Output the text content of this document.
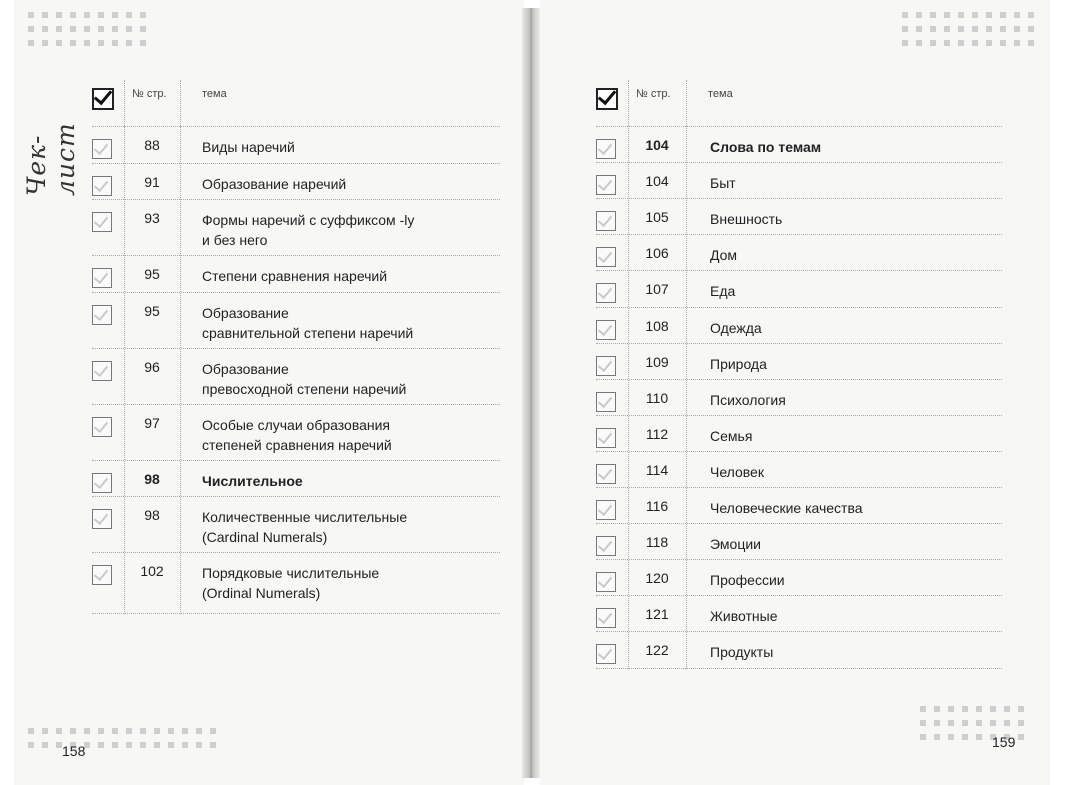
Чек-лист
№ стр.	тема
88	Виды наречий
91	Образование наречий
93	Формы наречий с суффиксом -ly
и без него
95	Степени сравнения наречий
95	Образование
сравнительной степени наречий
96	Образование
превосходной степени наречий
97	Особые случаи образования
степеней сравнения наречий
98	Числительное
98	Количественные числительные
(Cardinal Numerals)
102	Порядковые числительные
(Ordinal Numerals)
158
№ стр.	тема
104	Слова по темам
104	Быт
105	Внешность
106	Дом
107	Еда
108	Одежда
109	Природа
110	Психология
112	Семья
114	Человек
116	Человеческие качества
118	Эмоции
120	Профессии
121	Животные
122	Продукты
159
